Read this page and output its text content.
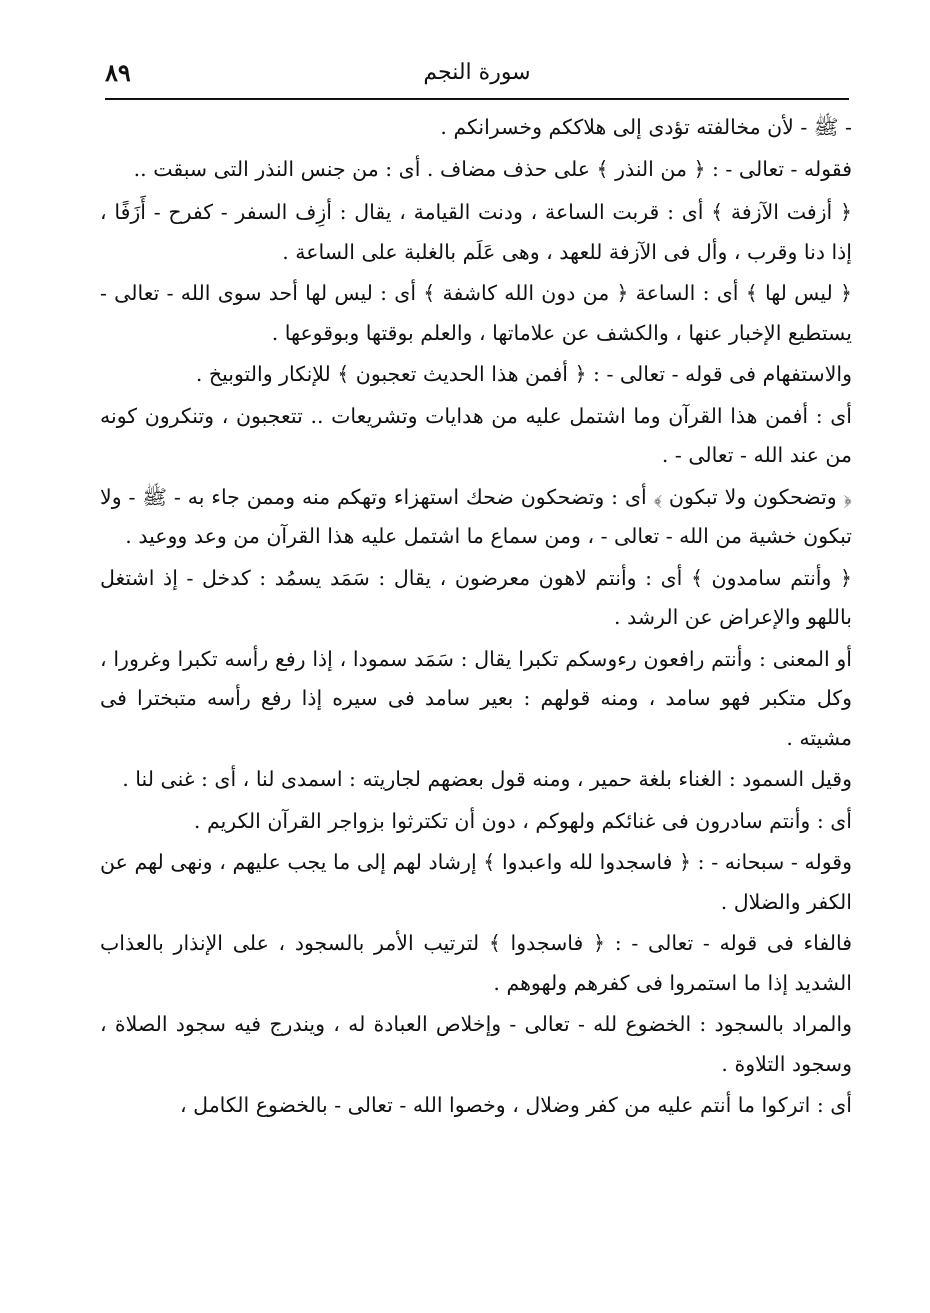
٨٩	سورة النجم

- ﷺ - لأن مخالفته تؤدى إلى هلاككم وخسرانكم .

فقوله - تعالى - : ﴿ من النذر ﴾ على حذف مضاف . أى : من جنس النذر التى سبقت ..

﴿ أزفت الآزفة ﴾ أى : قربت الساعة ، ودنت القيامة ، يقال : أزِف السفر - كفرح - أَزَفًا ، إذا دنا وقرب ، وأل فى الآزفة للعهد ، وهى عَلَم بالغلبة على الساعة .

﴿ ليس لها ﴾ أى : الساعة ﴿ من دون الله كاشفة ﴾ أى : ليس لها أحد سوى الله - تعالى - يستطيع الإخبار عنها ، والكشف عن علاماتها ، والعلم بوقتها وبوقوعها .

والاستفهام فى قوله - تعالى - : ﴿ أفمن هذا الحديث تعجبون ﴾ للإنكار والتوبيخ .

أى : أفمن هذا القرآن وما اشتمل عليه من هدايات وتشريعات .. تتعجبون ، وتنكرون كونه من عند الله - تعالى - .

﴿ وتضحكون ولا تبكون ﴾ أى : وتضحكون ضحك استهزاء وتهكم منه وممن جاء به - ﷺ - ولا تبكون خشية من الله - تعالى - ، ومن سماع ما اشتمل عليه هذا القرآن من وعد ووعيد .

﴿ وأنتم سامدون ﴾ أى : وأنتم لاهون معرضون ، يقال : سَمَد يسمُد : كدخل - إذ اشتغل باللهو والإعراض عن الرشد .

أو المعنى : وأنتم رافعون رءوسكم تكبرا يقال : سَمَد سمودا ، إذا رفع رأسه تكبرا وغرورا ، وكل متكبر فهو سامد ، ومنه قولهم : بعير سامد فى سيره إذا رفع رأسه متبخترا فى مشيته .

وقيل السمود : الغناء بلغة حمير ، ومنه قول بعضهم لجاريته : اسمدى لنا ، أى : غنى لنا .

أى : وأنتم سادرون فى غنائكم ولهوكم ، دون أن تكترثوا بزواجر القرآن الكريم .

وقوله - سبحانه - : ﴿ فاسجدوا لله واعبدوا ﴾ إرشاد لهم إلى ما يجب عليهم ، ونهى لهم عن الكفر والضلال .

فالفاء فى قوله - تعالى - : ﴿ فاسجدوا ﴾ لترتيب الأمر بالسجود ، على الإنذار بالعذاب الشديد إذا ما استمروا فى كفرهم ولهوهم .

والمراد بالسجود : الخضوع لله - تعالى - وإخلاص العبادة له ، ويندرج فيه سجود الصلاة ، وسجود التلاوة .

أى : اتركوا ما أنتم عليه من كفر وضلال ، وخصوا الله - تعالى - بالخضوع الكامل ،
